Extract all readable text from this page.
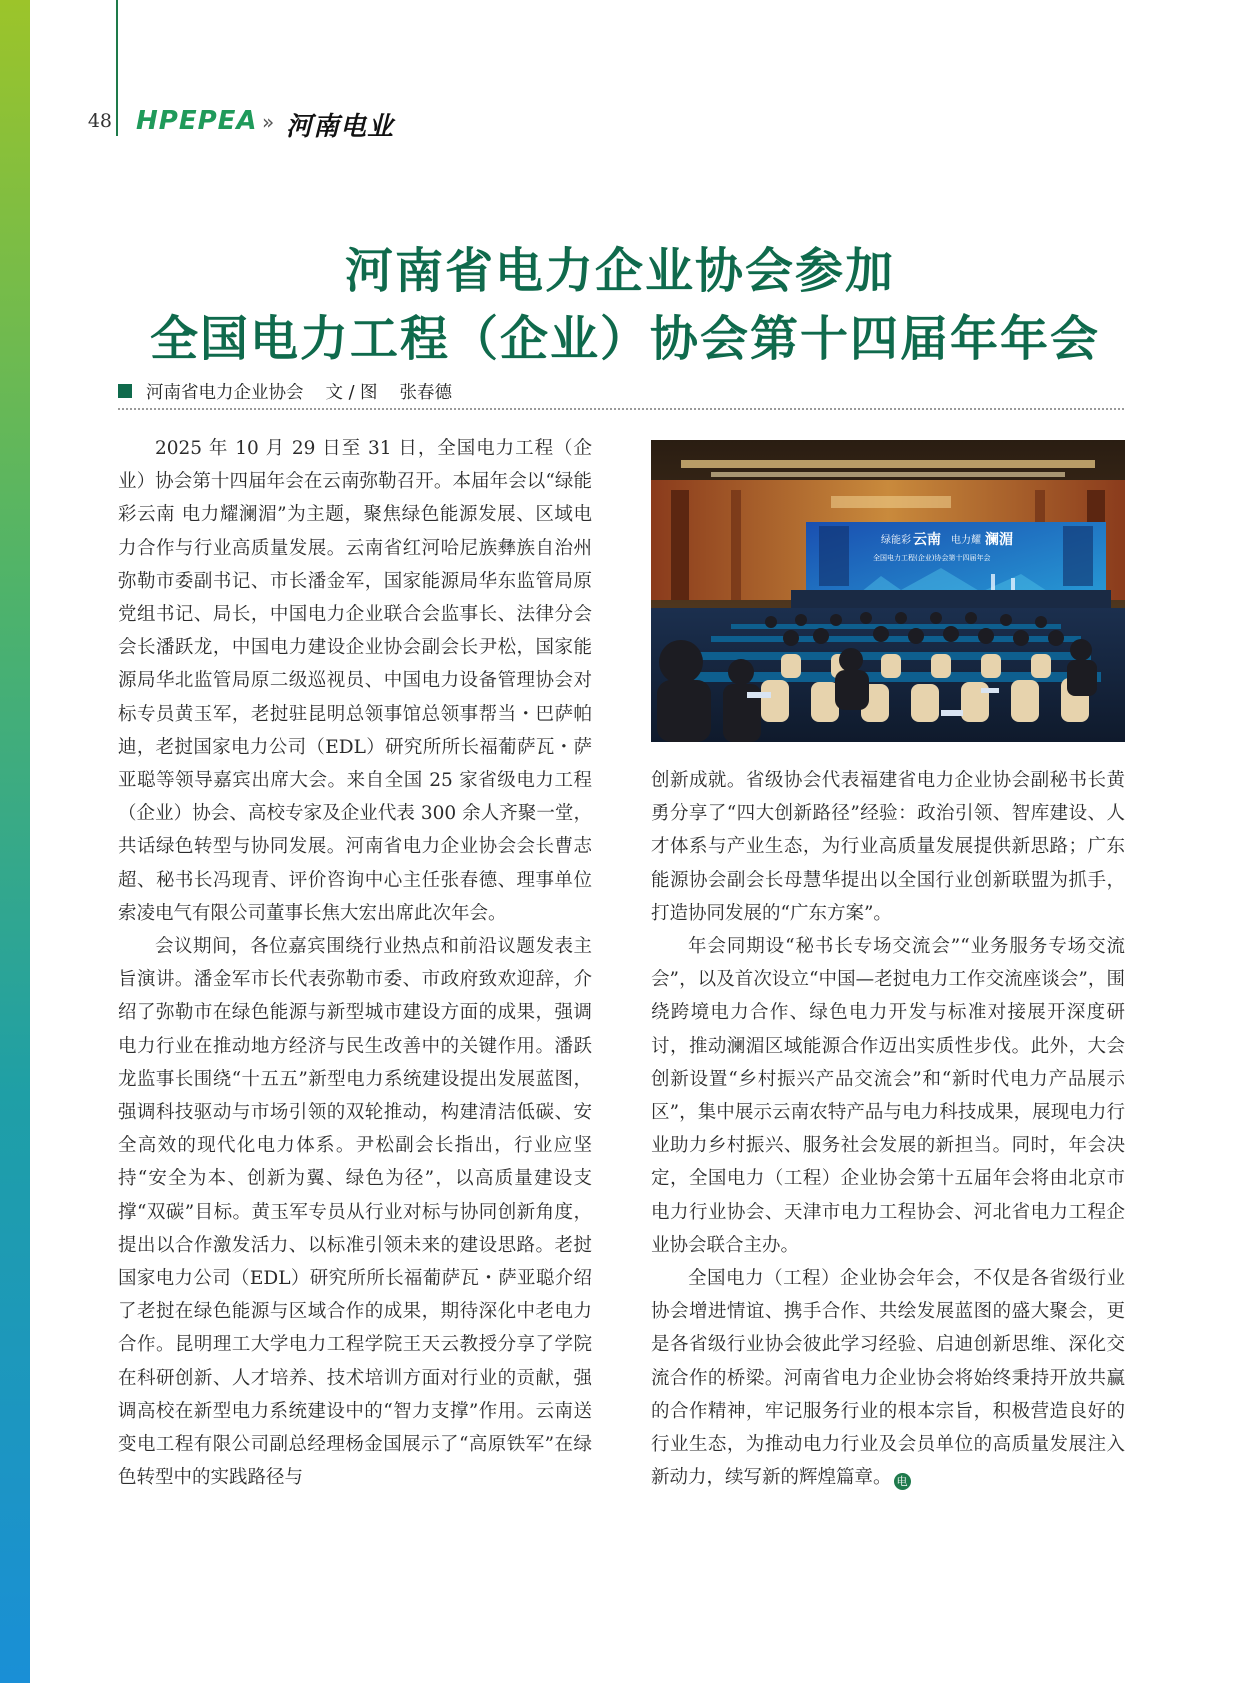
48 HPEPEA » 河南电业
河南省电力企业协会参加
全国电力工程（企业）协会第十四届年年会
河南省电力企业协会 文 / 图 张春德

2025 年 10 月 29 日至 31 日，全国电力工程（企业）协会第十四届年会在云南弥勒召开。本届年会以“绿能彩云南 电力耀澜湄”为主题，聚焦绿色能源发展、区域电力合作与行业高质量发展。云南省红河哈尼族彝族自治州弥勒市委副书记、市长潘金军，国家能源局华东监管局原党组书记、局长，中国电力企业联合会监事长、法律分会会长潘跃龙，中国电力建设企业协会副会长尹松，国家能源局华北监管局原二级巡视员、中国电力设备管理协会对标专员黄玉军，老挝驻昆明总领事馆总领事帮当・巴萨帕迪，老挝国家电力公司（EDL）研究所所长福葡萨瓦・萨亚聪等领导嘉宾出席大会。来自全国 25 家省级电力工程（企业）协会、高校专家及企业代表 300 余人齐聚一堂，共话绿色转型与协同发展。河南省电力企业协会会长曹志超、秘书长冯现青、评价咨询中心主任张春德、理事单位索凌电气有限公司董事长焦大宏出席此次年会。

会议期间，各位嘉宾围绕行业热点和前沿议题发表主旨演讲。潘金军市长代表弥勒市委、市政府致欢迎辞，介绍了弥勒市在绿色能源与新型城市建设方面的成果，强调电力行业在推动地方经济与民生改善中的关键作用。潘跃龙监事长围绕“十五五”新型电力系统建设提出发展蓝图，强调科技驱动与市场引领的双轮推动，构建清洁低碳、安全高效的现代化电力体系。尹松副会长指出，行业应坚持“安全为本、创新为翼、绿色为径”，以高质量建设支撑“双碳”目标。黄玉军专员从行业对标与协同创新角度，提出以合作激发活力、以标准引领未来的建设思路。老挝国家电力公司（EDL）研究所所长福葡萨瓦・萨亚聪介绍了老挝在绿色能源与区域合作的成果，期待深化中老电力合作。昆明理工大学电力工程学院王天云教授分享了学院在科研创新、人才培养、技术培训方面对行业的贡献，强调高校在新型电力系统建设中的“智力支撑”作用。云南送变电工程有限公司副总经理杨金国展示了“高原铁军”在绿色转型中的实践路径与

绿能彩 云南 电力耀 澜湄
全国电力工程(企业)协会第十四届年会

创新成就。省级协会代表福建省电力企业协会副秘书长黄勇分享了“四大创新路径”经验：政治引领、智库建设、人才体系与产业生态，为行业高质量发展提供新思路；广东能源协会副会长母慧华提出以全国行业创新联盟为抓手，打造协同发展的“广东方案”。

年会同期设“秘书长专场交流会”“业务服务专场交流会”，以及首次设立“中国—老挝电力工作交流座谈会”，围绕跨境电力合作、绿色电力开发与标准对接展开深度研讨，推动澜湄区域能源合作迈出实质性步伐。此外，大会创新设置“乡村振兴产品交流会”和“新时代电力产品展示区”，集中展示云南农特产品与电力科技成果，展现电力行业助力乡村振兴、服务社会发展的新担当。同时，年会决定，全国电力（工程）企业协会第十五届年会将由北京市电力行业协会、天津市电力工程协会、河北省电力工程企业协会联合主办。

全国电力（工程）企业协会年会，不仅是各省级行业协会增进情谊、携手合作、共绘发展蓝图的盛大聚会，更是各省级行业协会彼此学习经验、启迪创新思维、深化交流合作的桥梁。河南省电力企业协会将始终秉持开放共赢的合作精神，牢记服务行业的根本宗旨，积极营造良好的行业生态，为推动电力行业及会员单位的高质量发展注入新动力，续写新的辉煌篇章。 电
